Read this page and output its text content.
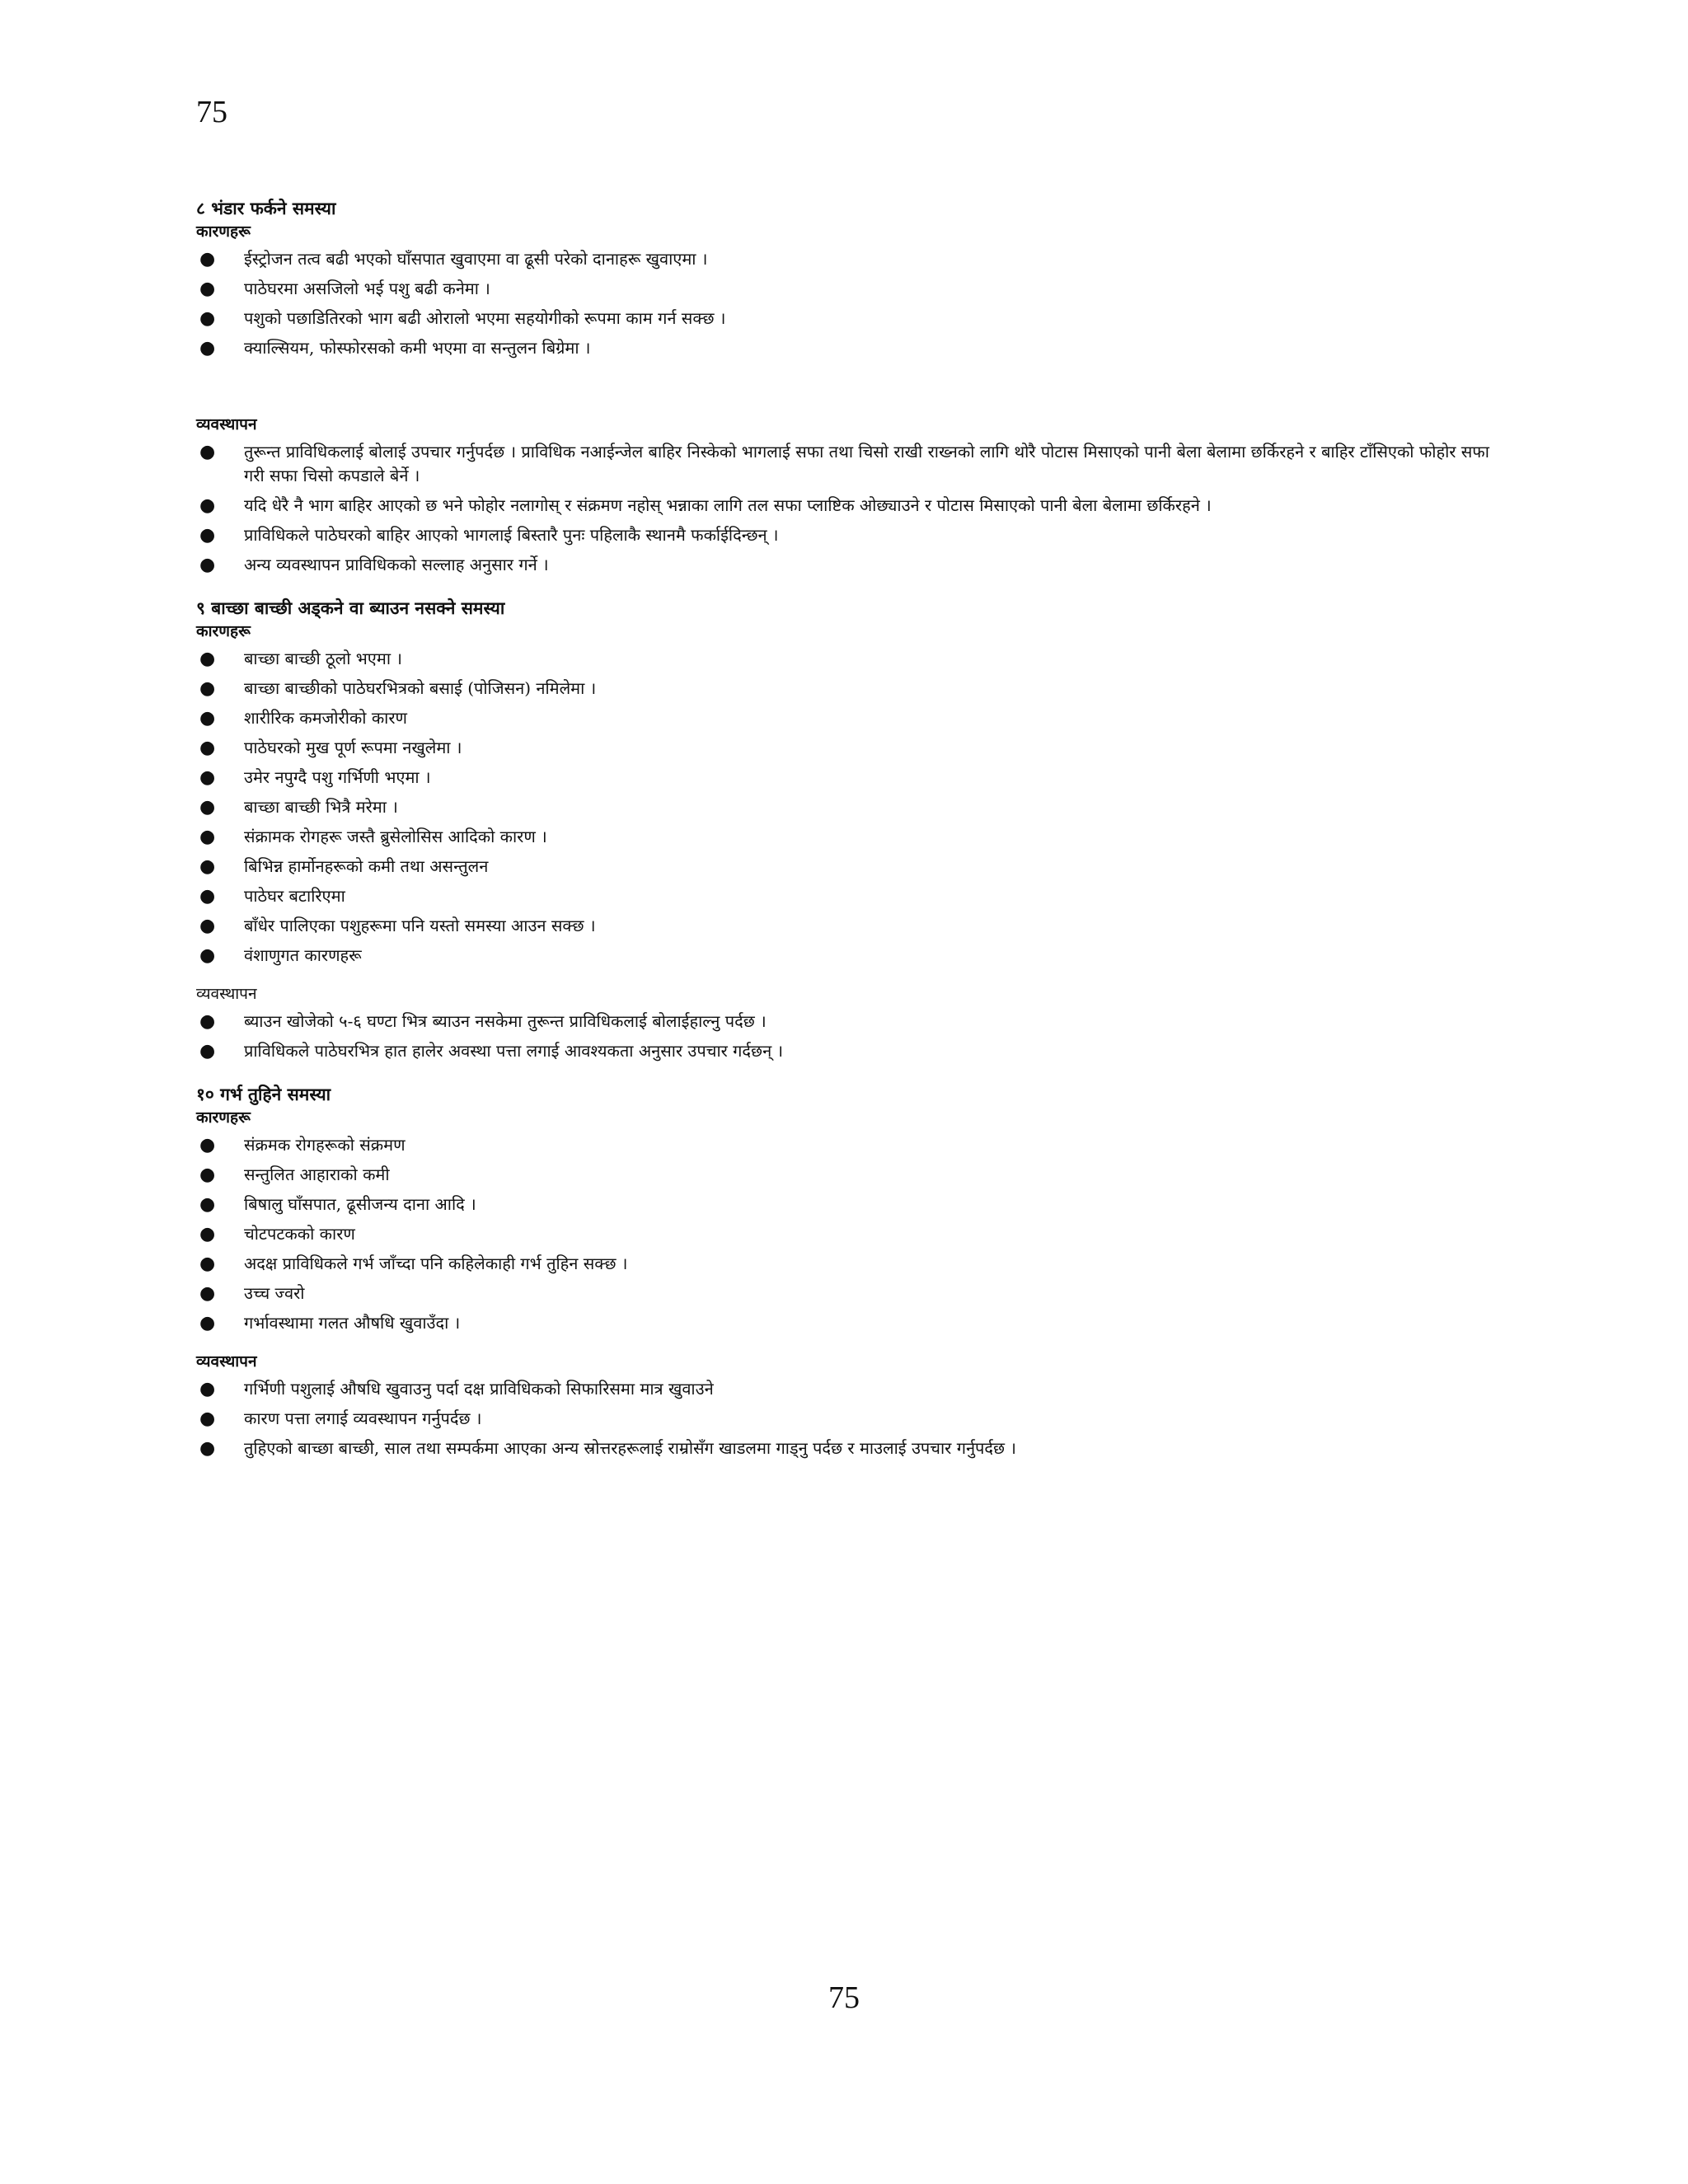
75

८ भंडार फर्कने समस्या

कारणहरू

● ईस्ट्रोजन तत्व बढी भएको घाँसपात खुवाएमा वा ढूसी परेको दानाहरू खुवाएमा ।
● पाठेघरमा असजिलो भई पशु बढी कनेमा ।
● पशुको पछाडितिरको भाग बढी ओरालो भएमा सहयोगीको रूपमा काम गर्न सक्छ ।
● क्याल्सियम, फोस्फोरसको कमी भएमा वा सन्तुलन बिग्रेमा ।

व्यवस्थापन

● तुरून्त प्राविधिकलाई बोलाई उपचार गर्नुपर्दछ । प्राविधिक नआईन्जेल बाहिर निस्केको भागलाई सफा तथा चिसो राखी राख्नको लागि थोरै पोटास मिसाएको पानी बेला बेलामा छर्किरहने र बाहिर टाँसिएको फोहोर सफा गरी सफा चिसो कपडाले बेर्ने ।
● यदि धेरै नै भाग बाहिर आएको छ भने फोहोर नलागोस् र संक्रमण नहोस् भन्नाका लागि तल सफा प्लाष्टिक ओछ्याउने र पोटास मिसाएको पानी बेला बेलामा छर्किरहने ।
● प्राविधिकले पाठेघरको बाहिर आएको भागलाई बिस्तारै पुनः पहिलाकै स्थानमै फर्काईदिन्छन् ।
● अन्य व्यवस्थापन प्राविधिकको सल्लाह अनुसार गर्ने ।

९ बाच्छा बाच्छी अड्कने वा ब्याउन नसक्ने समस्या

कारणहरू

● बाच्छा बाच्छी ठूलो भएमा ।
● बाच्छा बाच्छीको पाठेघरभित्रको बसाई (पोजिसन) नमिलेमा ।
● शारीरिक कमजोरीको कारण
● पाठेघरको मुख पूर्ण रूपमा नखुलेमा ।
● उमेर नपुग्दै पशु गर्भिणी भएमा ।
● बाच्छा बाच्छी भित्रै मरेमा ।
● संक्रामक रोगहरू जस्तै ब्रुसेलोसिस आदिको कारण ।
● बिभिन्न हार्मोनहरूको कमी तथा असन्तुलन
● पाठेघर बटारिएमा
● बाँधेर पालिएका पशुहरूमा पनि यस्तो समस्या आउन सक्छ ।
● वंशाणुगत कारणहरू

व्यवस्थापन

● ब्याउन खोजेको ५-६ घण्टा भित्र ब्याउन नसकेमा तुरून्त प्राविधिकलाई बोलाईहाल्नु पर्दछ ।
● प्राविधिकले पाठेघरभित्र हात हालेर अवस्था पत्ता लगाई आवश्यकता अनुसार उपचार गर्दछन् ।

१० गर्भ तुहिने समस्या

कारणहरू

● संक्रमक रोगहरूको संक्रमण
● सन्तुलित आहाराको कमी
● बिषालु घाँसपात, ढूसीजन्य दाना आदि ।
● चोटपटकको कारण
● अदक्ष प्राविधिकले गर्भ जाँच्दा पनि कहिलेकाही गर्भ तुहिन सक्छ ।
● उच्च ज्वरो
● गर्भावस्थामा गलत औषधि खुवाउँदा ।

व्यवस्थापन

● गर्भिणी पशुलाई औषधि खुवाउनु पर्दा दक्ष प्राविधिकको सिफारिसमा मात्र खुवाउने
● कारण पत्ता लगाई व्यवस्थापन गर्नुपर्दछ ।
● तुहिएको बाच्छा बाच्छी, साल तथा सम्पर्कमा आएका अन्य स्रोत्तरहरूलाई राम्रोसँग खाडलमा गाड्नु पर्दछ र माउलाई उपचार गर्नुपर्दछ ।
75
